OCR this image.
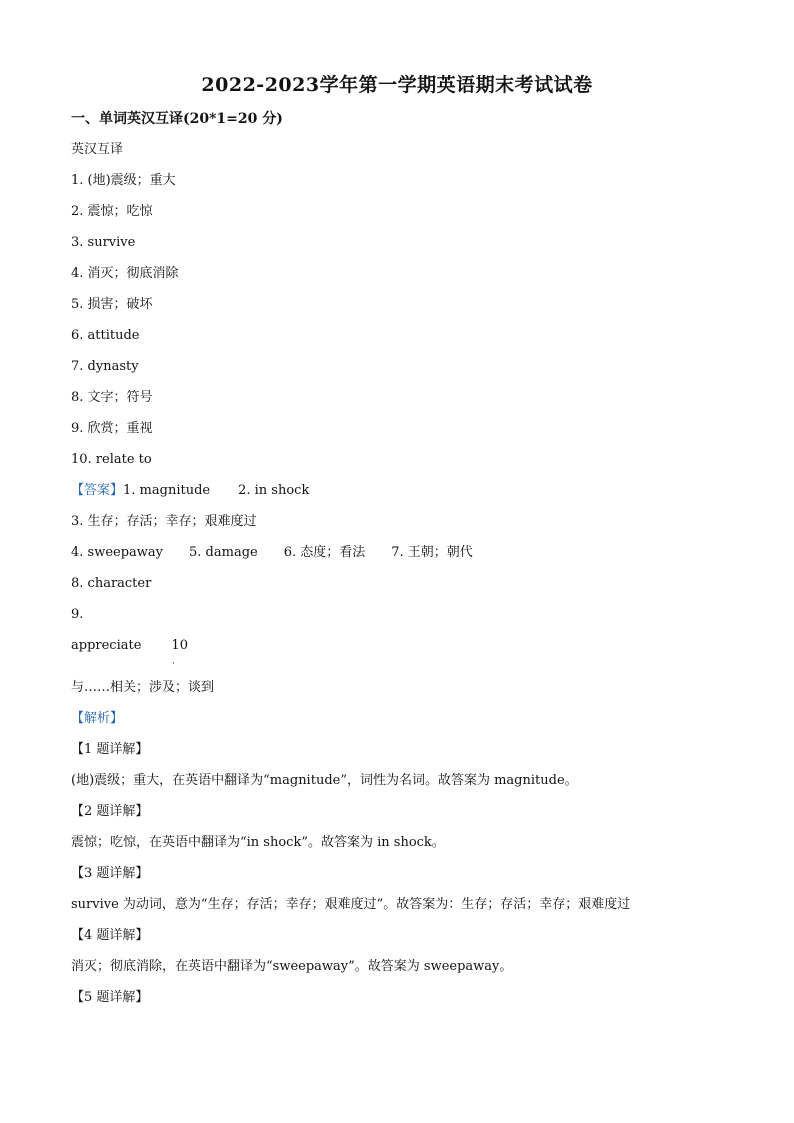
2022-2023学年第一学期英语期末考试试卷
一、单词英汉互译(20*1=20 分)
英汉互译
1. (地)震级；重大
2. 震惊；吃惊
3. survive
4. 消灭；彻底消除
5. 损害；破坏
6. attitude
7. dynasty
8. 文字；符号
9. 欣赏；重视
10. relate to
【答案】1. magnitude 2. in shock
3. 生存；存活；幸存；艰难度过
4. sweepaway 5. damage 6. 态度；看法 7. 王朝；朝代
8. character
9.
appreciate 10
·
与……相关；涉及；谈到
【解析】
【1 题详解】
(地)震级；重大，在英语中翻译为“magnitude”，词性为名词。故答案为 magnitude。
【2 题详解】
震惊；吃惊，在英语中翻译为“in shock”。故答案为 in shock。
【3 题详解】
survive 为动词，意为“生存；存活；幸存；艰难度过”。故答案为：生存；存活；幸存；艰难度过
【4 题详解】
消灭；彻底消除，在英语中翻译为“sweepaway”。故答案为 sweepaway。
【5 题详解】
